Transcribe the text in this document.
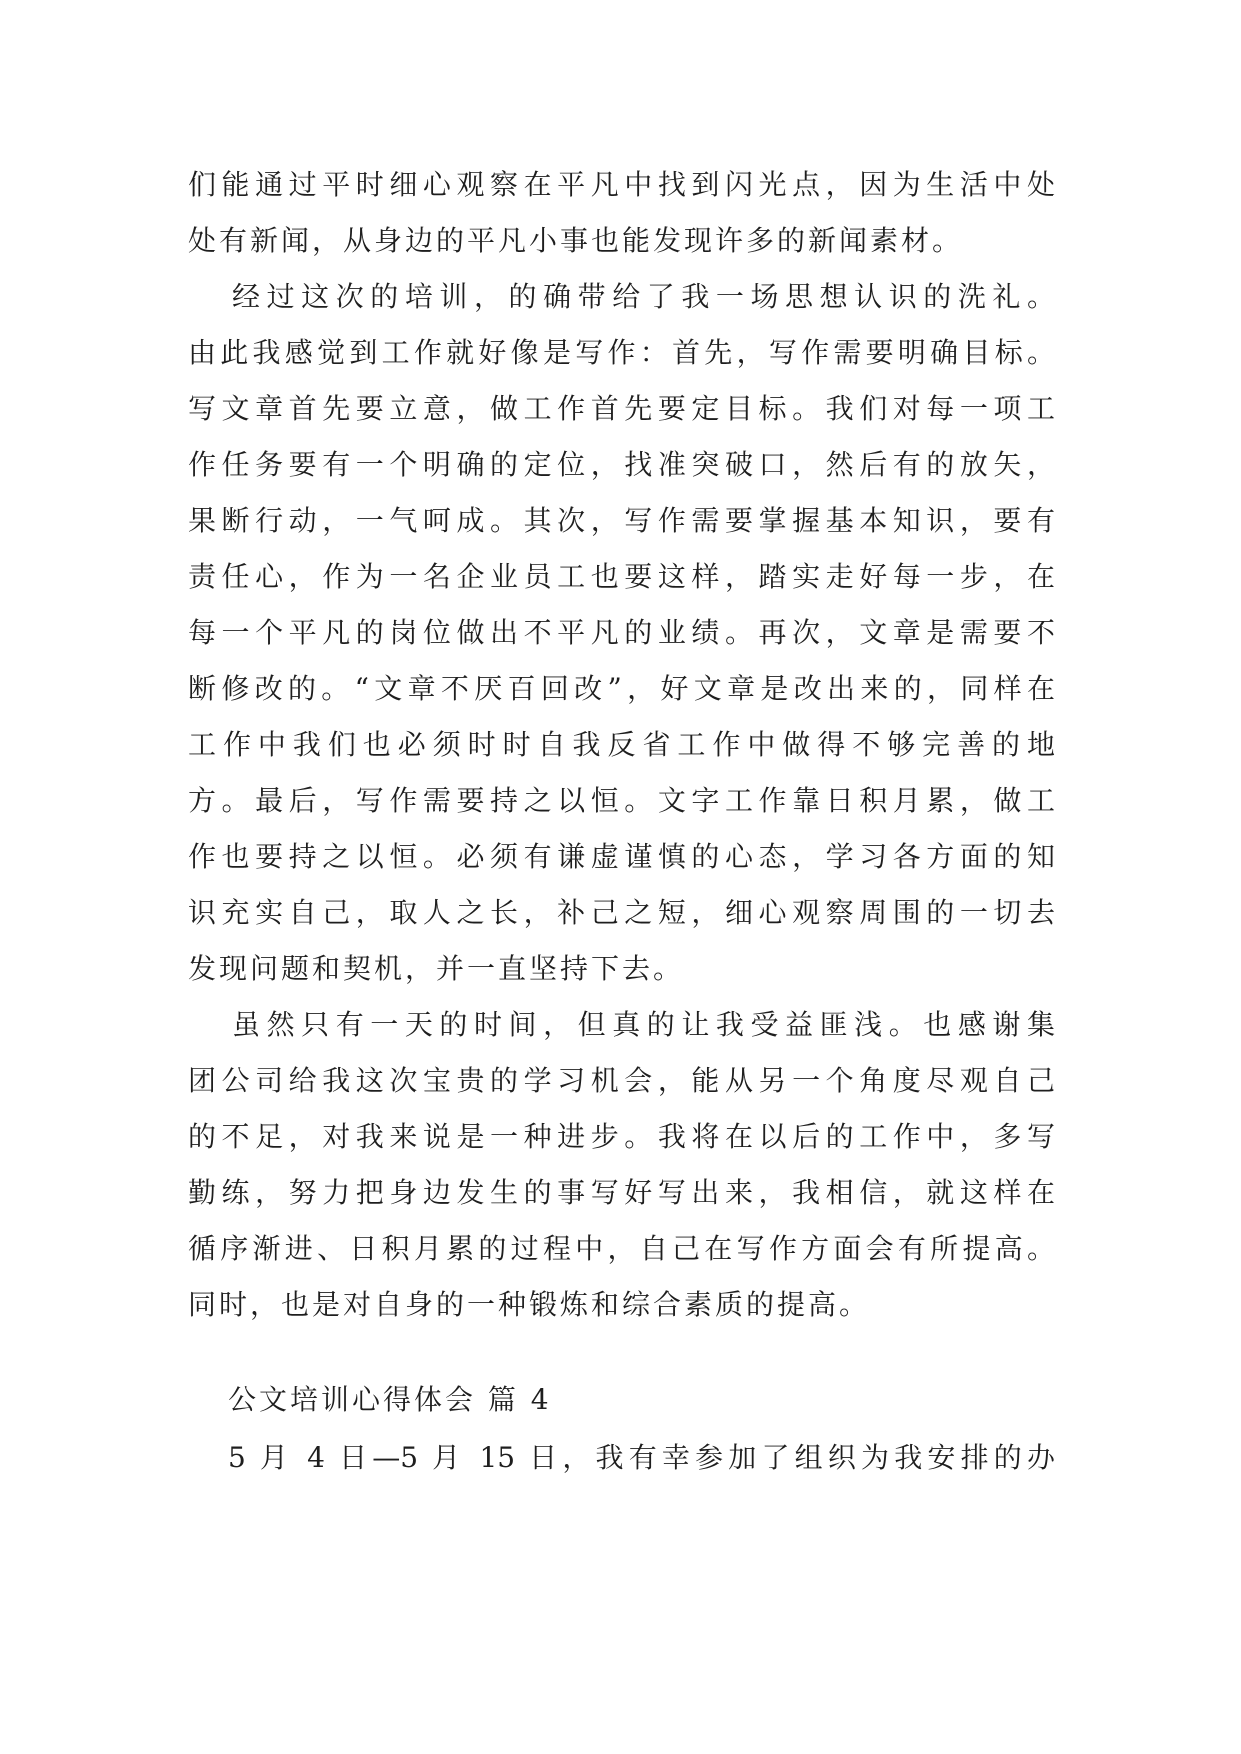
们能通过平时细心观察在平凡中找到闪光点，因为生活中处
处有新闻，从身边的平凡小事也能发现许多的新闻素材。
经过这次的培训，的确带给了我一场思想认识的洗礼。
由此我感觉到工作就好像是写作：首先，写作需要明确目标。
写文章首先要立意，做工作首先要定目标。我们对每一项工
作任务要有一个明确的定位，找准突破口，然后有的放矢，
果断行动，一气呵成。其次，写作需要掌握基本知识，要有
责任心，作为一名企业员工也要这样，踏实走好每一步，在
每一个平凡的岗位做出不平凡的业绩。再次，文章是需要不
断修改的。“文章不厌百回改”，好文章是改出来的，同样在
工作中我们也必须时时自我反省工作中做得不够完善的地
方。最后，写作需要持之以恒。文字工作靠日积月累，做工
作也要持之以恒。必须有谦虚谨慎的心态，学习各方面的知
识充实自己，取人之长，补己之短，细心观察周围的一切去
发现问题和契机，并一直坚持下去。
虽然只有一天的时间，但真的让我受益匪浅。也感谢集
团公司给我这次宝贵的学习机会，能从另一个角度尽观自己
的不足，对我来说是一种进步。我将在以后的工作中，多写
勤练，努力把身边发生的事写好写出来，我相信，就这样在
循序渐进、日积月累的过程中，自己在写作方面会有所提高。
同时，也是对自身的一种锻炼和综合素质的提高。
公文培训心得体会 篇 4
5 月 4 日—5 月 15 日，我有幸参加了组织为我安排的办
